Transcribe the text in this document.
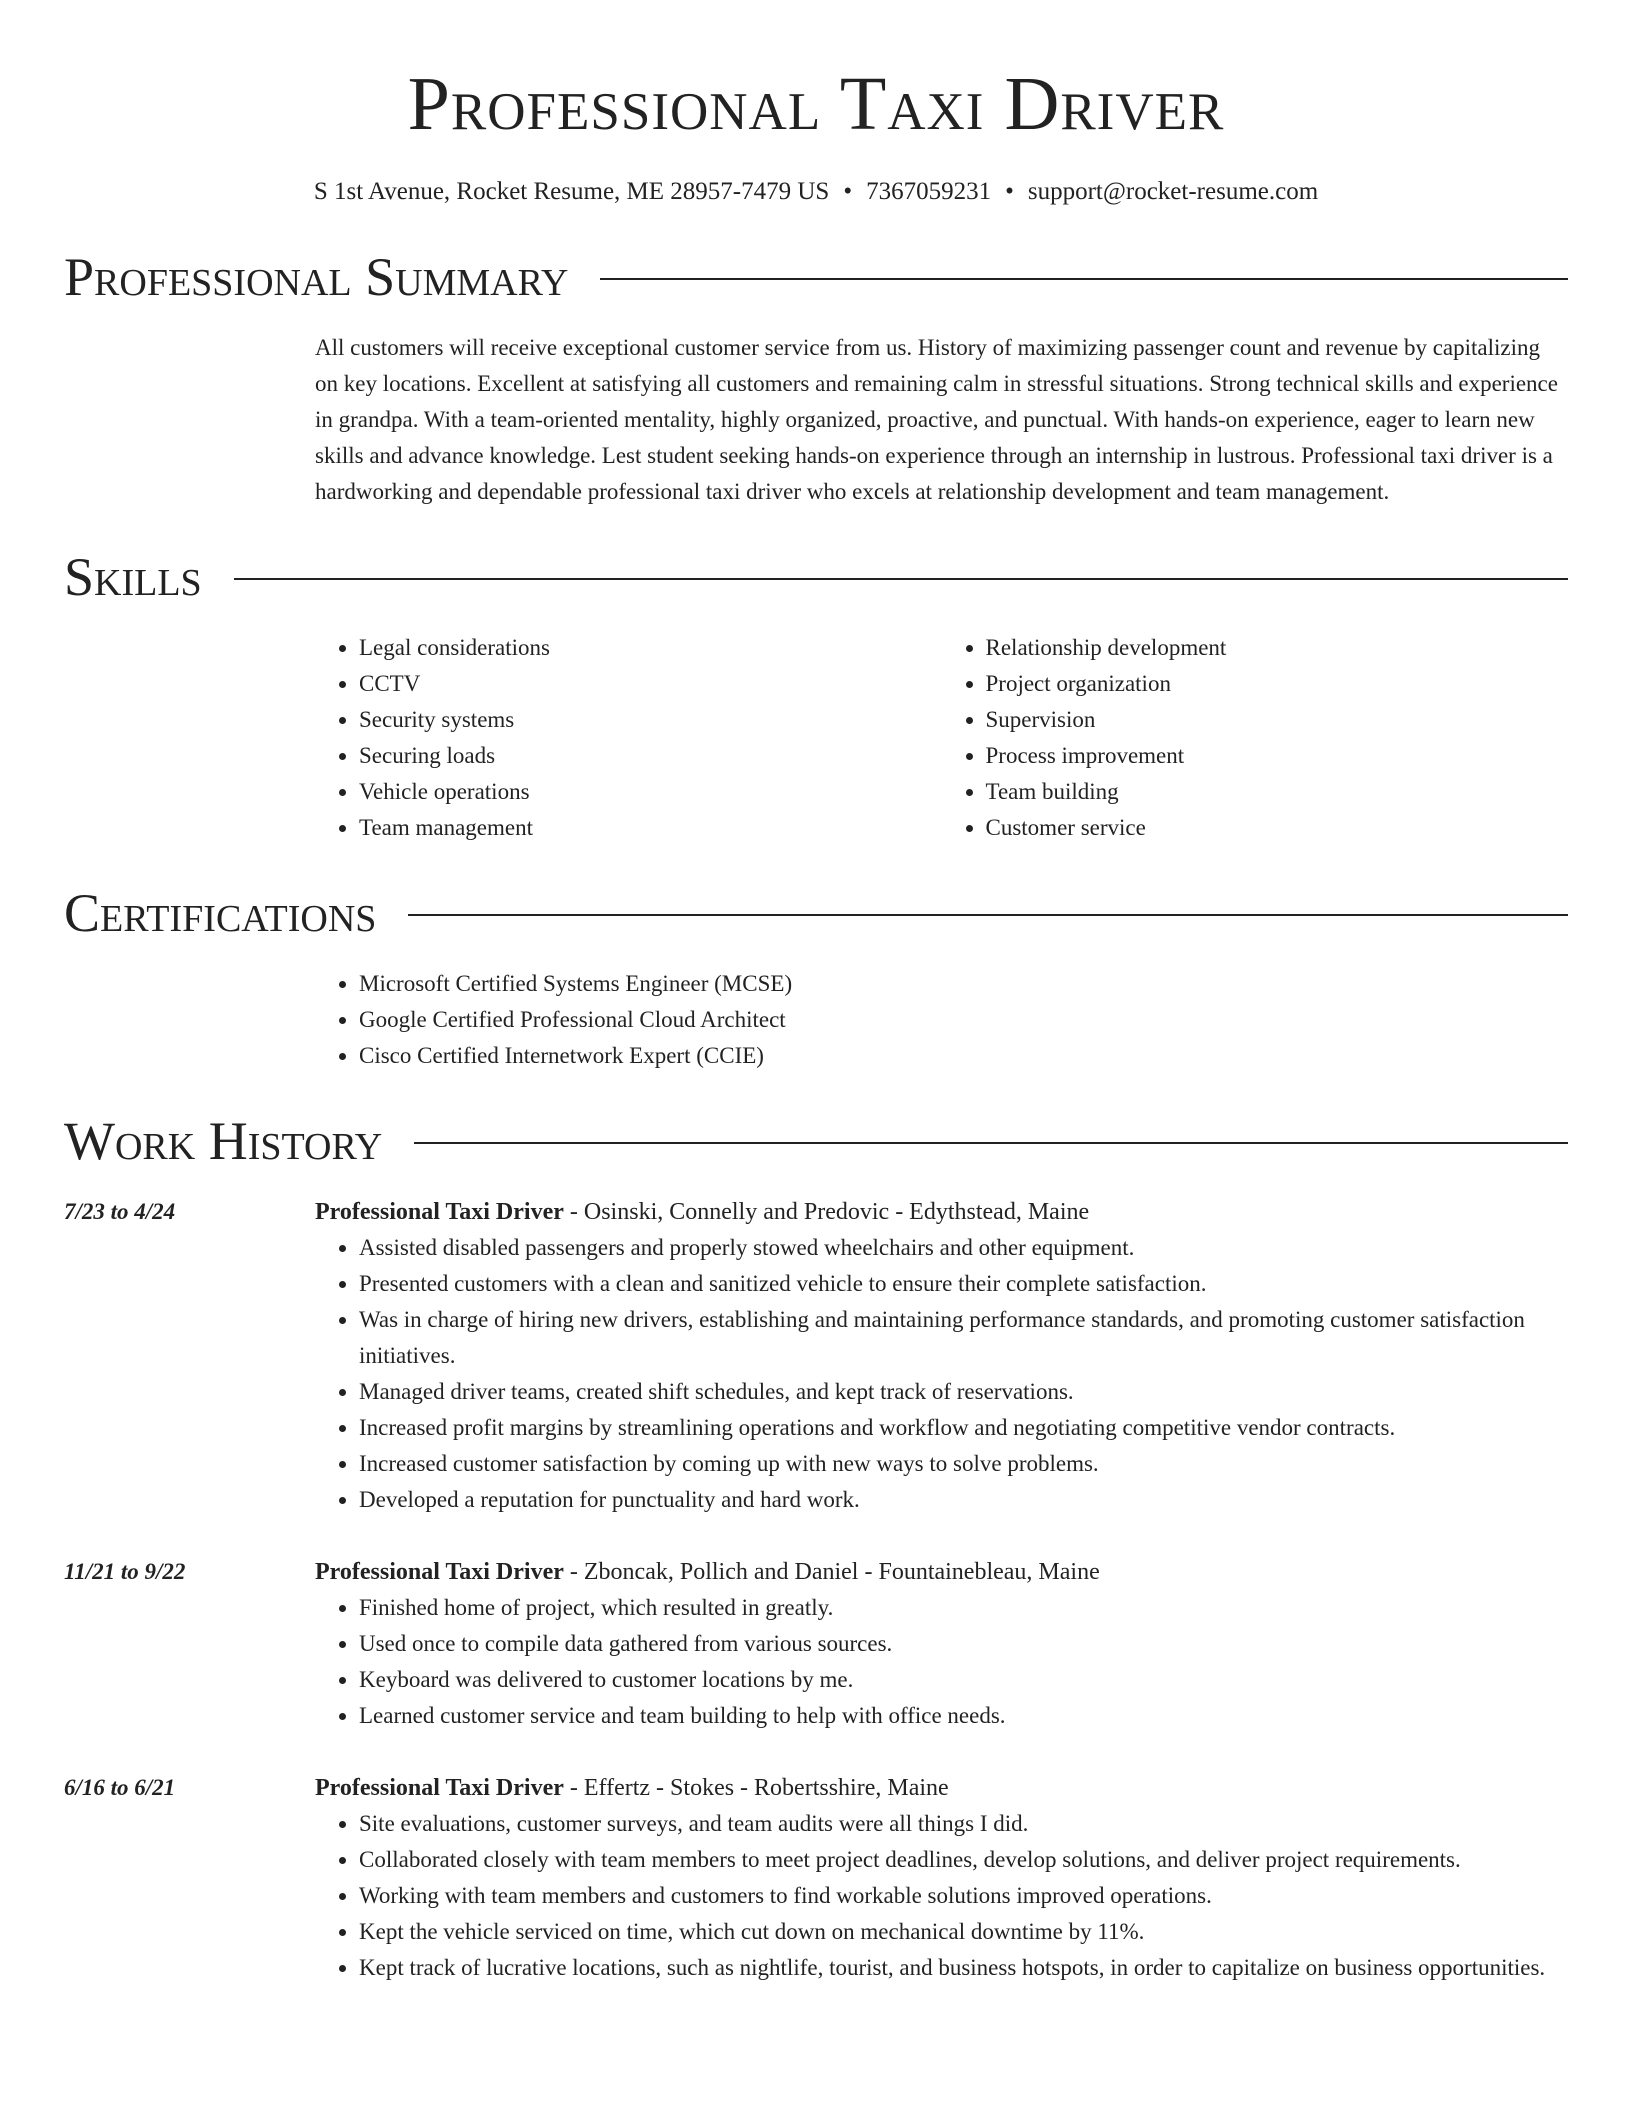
Professional Taxi Driver
S 1st Avenue, Rocket Resume, ME 28957-7479 US • 7367059231 • support@rocket-resume.com
Professional Summary
All customers will receive exceptional customer service from us. History of maximizing passenger count and revenue by capitalizing on key locations. Excellent at satisfying all customers and remaining calm in stressful situations. Strong technical skills and experience in grandpa. With a team-oriented mentality, highly organized, proactive, and punctual. With hands-on experience, eager to learn new skills and advance knowledge. Lest student seeking hands-on experience through an internship in lustrous. Professional taxi driver is a hardworking and dependable professional taxi driver who excels at relationship development and team management.
Skills
• Legal considerations
• CCTV
• Security systems
• Securing loads
• Vehicle operations
• Team management
• Relationship development
• Project organization
• Supervision
• Process improvement
• Team building
• Customer service
Certifications
• Microsoft Certified Systems Engineer (MCSE)
• Google Certified Professional Cloud Architect
• Cisco Certified Internetwork Expert (CCIE)
Work History
7/23 to 4/24	Professional Taxi Driver - Osinski, Connelly and Predovic - Edythstead, Maine
• Assisted disabled passengers and properly stowed wheelchairs and other equipment.
• Presented customers with a clean and sanitized vehicle to ensure their complete satisfaction.
• Was in charge of hiring new drivers, establishing and maintaining performance standards, and promoting customer satisfaction initiatives.
• Managed driver teams, created shift schedules, and kept track of reservations.
• Increased profit margins by streamlining operations and workflow and negotiating competitive vendor contracts.
• Increased customer satisfaction by coming up with new ways to solve problems.
• Developed a reputation for punctuality and hard work.
11/21 to 9/22	Professional Taxi Driver - Zboncak, Pollich and Daniel - Fountainebleau, Maine
• Finished home of project, which resulted in greatly.
• Used once to compile data gathered from various sources.
• Keyboard was delivered to customer locations by me.
• Learned customer service and team building to help with office needs.
6/16 to 6/21	Professional Taxi Driver - Effertz - Stokes - Robertsshire, Maine
• Site evaluations, customer surveys, and team audits were all things I did.
• Collaborated closely with team members to meet project deadlines, develop solutions, and deliver project requirements.
• Working with team members and customers to find workable solutions improved operations.
• Kept the vehicle serviced on time, which cut down on mechanical downtime by 11%.
• Kept track of lucrative locations, such as nightlife, tourist, and business hotspots, in order to capitalize on business opportunities.
